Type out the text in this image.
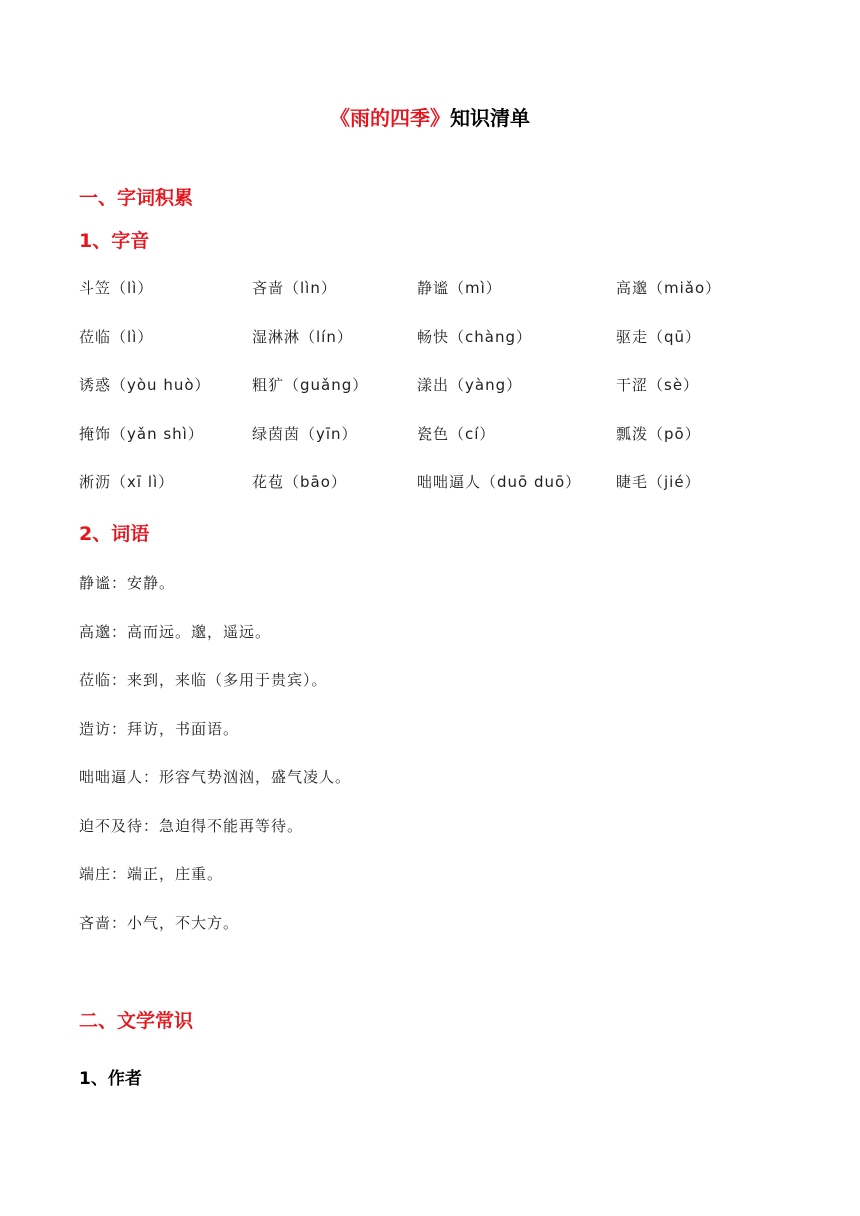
《雨的四季》知识清单
一、字词积累
1、字音
斗笠（lì）	吝啬（lìn）	静谧（mì）	高邈（miǎo）
莅临（lì）	湿淋淋（lín）	畅快（chàng）	驱走（qū）
诱惑（yòu huò）	粗犷（guǎng）	漾出（yàng）	干涩（sè）
掩饰（yǎn shì）	绿茵茵（yīn）	瓷色（cí）	瓢泼（pō）
淅沥（xī lì）	花苞（bāo）	咄咄逼人（duō duō） 睫毛（jié）
2、词语
静谧：安静。
高邈：高而远。邈，遥远。
莅临：来到，来临（多用于贵宾）。
造访：拜访，书面语。
咄咄逼人：形容气势汹汹，盛气凌人。
迫不及待：急迫得不能再等待。
端庄：端正，庄重。
吝啬：小气，不大方。
二、文学常识
1、作者
